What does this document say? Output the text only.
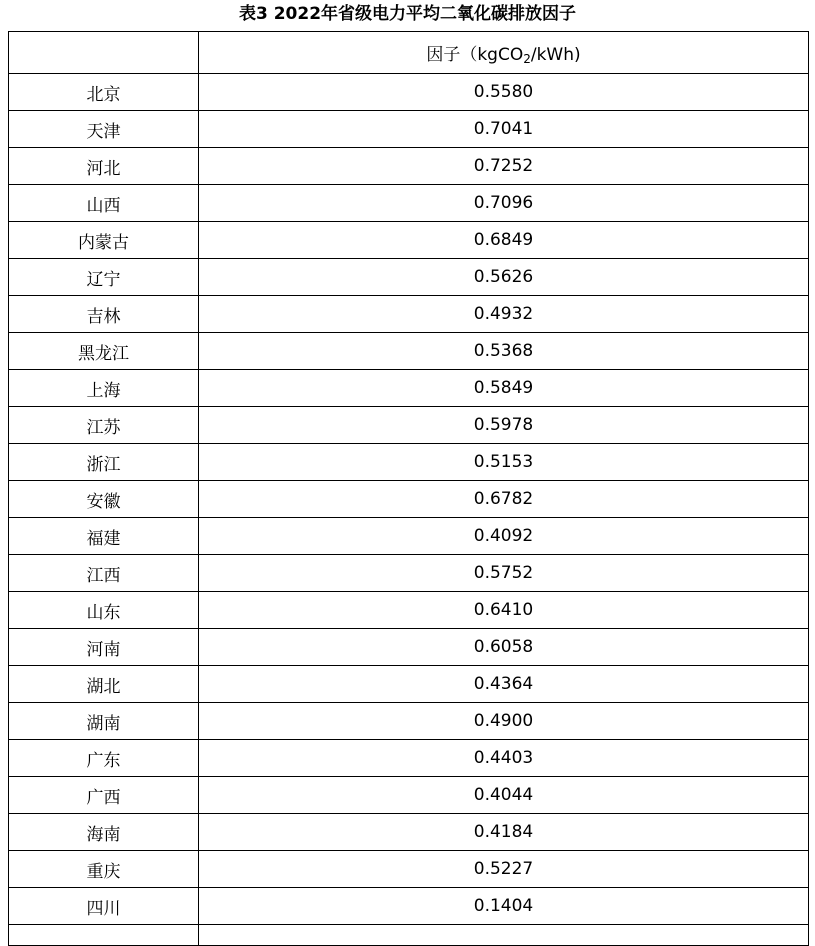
表3 2022年省级电力平均二氧化碳排放因子
	因子（kgCO$_2$/kWh)
北京	0.5580
天津	0.7041
河北	0.7252
山西	0.7096
内蒙古	0.6849
辽宁	0.5626
吉林	0.4932
黑龙江	0.5368
上海	0.5849
江苏	0.5978
浙江	0.5153
安徽	0.6782
福建	0.4092
江西	0.5752
山东	0.6410
河南	0.6058
湖北	0.4364
湖南	0.4900
广东	0.4403
广西	0.4044
海南	0.4184
重庆	0.5227
四川	0.1404
